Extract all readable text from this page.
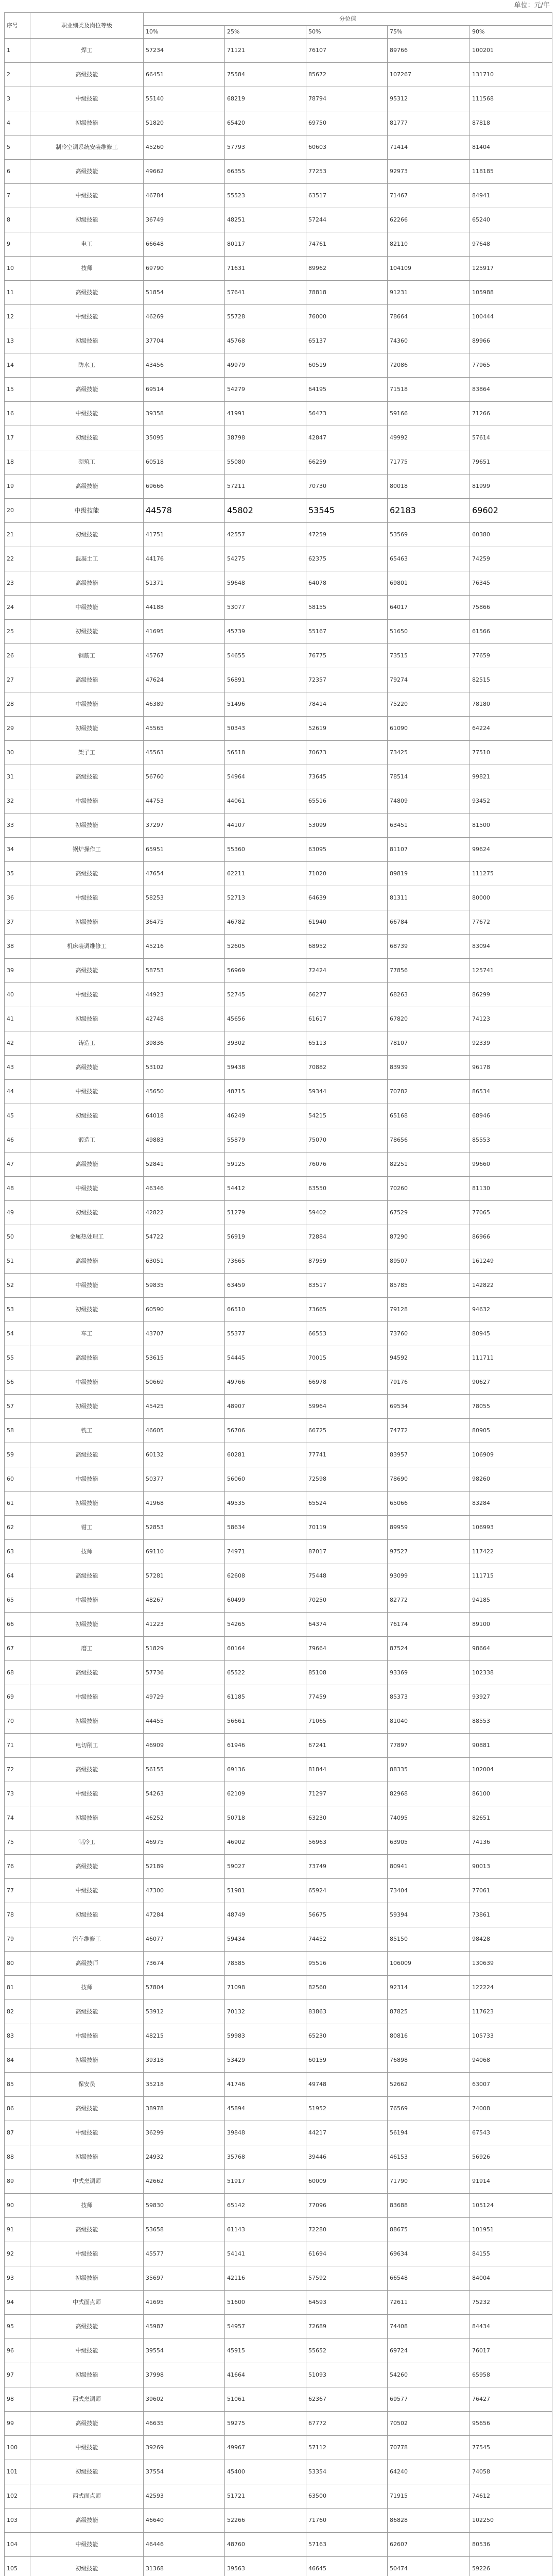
单位：元/年
序号	职业细类及岗位等级	分位值				
		10%	25%	50%	75%	90%
1	焊工	57234	71121	76107	89766	100201
2	高级技能	66451	75584	85672	107267	131710
3	中级技能	55140	68219	78794	95312	111568
4	初级技能	51820	65420	69750	81777	87818
5	制冷空调系统安装维修工	45260	57793	60603	71414	81404
6	高级技能	49662	66355	77253	92973	118185
7	中级技能	46784	55523	63517	71467	84941
8	初级技能	36749	48251	57244	62266	65240
9	电工	66648	80117	74761	82110	97648
10	技师	69790	71631	89962	104109	125917
11	高级技能	51854	57641	78818	91231	105988
12	中级技能	46269	55728	76000	78664	100444
13	初级技能	37704	45768	65137	74360	89966
14	防水工	43456	49979	60519	72086	77965
15	高级技能	69514	54279	64195	71518	83864
16	中级技能	39358	41991	56473	59166	71266
17	初级技能	35095	38798	42847	49992	57614
18	砌筑工	60518	55080	66259	71775	79651
19	高级技能	69666	57211	70730	80018	81999
20	中级技能	44578	45802	53545	62183	69602
21	初级技能	41751	42557	47259	53569	60380
22	混凝土工	44176	54275	62375	65463	74259
23	高级技能	51371	59648	64078	69801	76345
24	中级技能	44188	53077	58155	64017	75866
25	初级技能	41695	45739	55167	51650	61566
26	钢筋工	45767	54655	76775	73515	77659
27	高级技能	47624	56891	72357	79274	82515
28	中级技能	46389	51496	78414	75220	78180
29	初级技能	45565	50343	52619	61090	64224
30	架子工	45563	56518	70673	73425	77510
31	高级技能	56760	54964	73645	78514	99821
32	中级技能	44753	44061	65516	74809	93452
33	初级技能	37297	44107	53099	63451	81500
34	锅炉操作工	65951	55360	63095	81107	99624
35	高级技能	47654	62211	71020	89819	111275
36	中级技能	58253	52713	64639	81311	80000
37	初级技能	36475	46782	61940	66784	77672
38	机床装调维修工	45216	52605	68952	68739	83094
39	高级技能	58753	56969	72424	77856	125741
40	中级技能	44923	52745	66277	68263	86299
41	初级技能	42748	45656	61617	67820	74123
42	铸造工	39836	39302	65113	78107	92339
43	高级技能	53102	59438	70882	83939	96178
44	中级技能	45650	48715	59344	70782	86534
45	初级技能	64018	46249	54215	65168	68946
46	锻造工	49883	55879	75070	78656	85553
47	高级技能	52841	59125	76076	82251	99660
48	中级技能	46346	54412	63550	70260	81130
49	初级技能	42822	51279	59402	67529	77065
50	金属热处理工	54722	56919	72884	87290	86966
51	高级技能	63051	73665	87959	89507	161249
52	中级技能	59835	63459	83517	85785	142822
53	初级技能	60590	66510	73665	79128	94632
54	车工	43707	55377	66553	73760	80945
55	高级技能	53615	54445	70015	94592	111711
56	中级技能	50669	49766	66978	79176	90627
57	初级技能	45425	48907	59964	69534	78055
58	铣工	46605	56706	66725	74772	80905
59	高级技能	60132	60281	77741	83957	106909
60	中级技能	50377	56060	72598	78690	98260
61	初级技能	41968	49535	65524	65066	83284
62	钳工	52853	58634	70119	89959	106993
63	技师	69110	74971	87017	97527	117422
64	高级技能	57281	62608	75448	93099	111715
65	中级技能	48267	60499	70250	82772	94185
66	初级技能	41223	54265	64374	76174	89100
67	磨工	51829	60164	79664	87524	98664
68	高级技能	57736	65522	85108	93369	102338
69	中级技能	49729	61185	77459	85373	93927
70	初级技能	44455	56661	71065	81040	88553
71	电切削工	46909	61946	67241	77897	90881
72	高级技能	56155	69136	81844	88335	102004
73	中级技能	54263	62109	71297	82968	86100
74	初级技能	46252	50718	63230	74095	82651
75	制冷工	46975	46902	56963	63905	74136
76	高级技能	52189	59027	73749	80941	90013
77	中级技能	47300	51981	65924	73404	77061
78	初级技能	47284	48749	56675	59394	73861
79	汽车维修工	46077	59434	74452	85150	98428
80	高级技师	73674	78585	95516	106009	130639
81	技师	57804	71098	82560	92314	122224
82	高级技能	53912	70132	83863	87825	117623
83	中级技能	48215	59983	65230	80816	105733
84	初级技能	39318	53429	60159	76898	94068
85	保安员	35218	41746	49748	52662	63007
86	高级技能	38978	45894	51952	76569	74008
87	中级技能	36299	39848	44217	56194	67543
88	初级技能	24932	35768	39446	46153	56926
89	中式烹调师	42662	51917	60009	71790	91914
90	技师	59830	65142	77096	83688	105124
91	高级技能	53658	61143	72280	88675	101951
92	中级技能	45577	54141	61694	69634	84155
93	初级技能	35697	42116	57592	66548	84004
94	中式面点师	41695	51600	64593	72611	75232
95	高级技能	45987	54957	72689	74408	84434
96	中级技能	39554	45915	55652	69724	76017
97	初级技能	37998	41664	51093	54260	65958
98	西式烹调师	39602	51061	62367	69577	76427
99	高级技能	46635	59275	67772	70502	95656
100	中级技能	39269	49967	57112	70778	77545
101	初级技能	37554	45400	53354	64240	74058
102	西式面点师	42593	51721	63500	71915	74612
103	高级技能	46640	52266	71760	86828	102250
104	中级技能	46446	48760	57163	62607	80536
105	初级技能	31368	39563	46645	50474	59226
